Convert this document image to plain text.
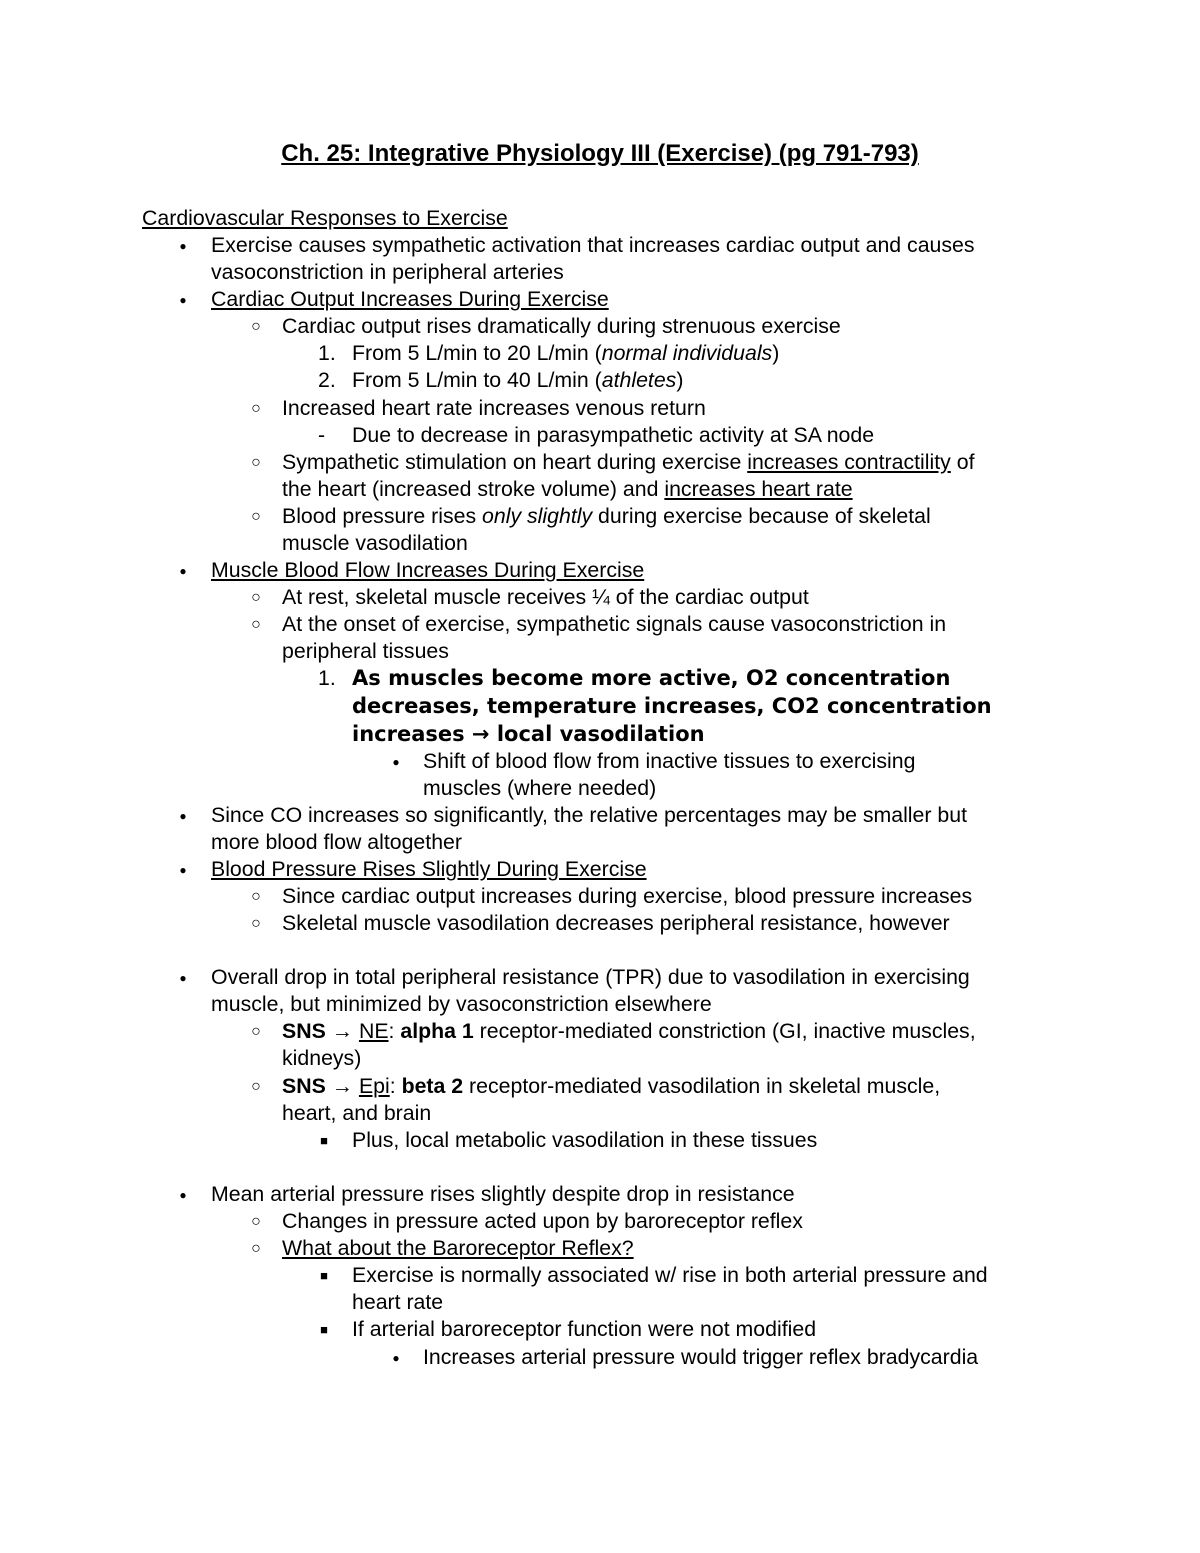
Ch. 25: Integrative Physiology III (Exercise) (pg 791-793)
Cardiovascular Responses to Exercise
●
Exercise causes sympathetic activation that increases cardiac output and causes
vasoconstriction in peripheral arteries
●
Cardiac Output Increases During Exercise
○
Cardiac output rises dramatically during strenuous exercise
1. From 5 L/min to 20 L/min (normal individuals)
2. From 5 L/min to 40 L/min (athletes)
○
Increased heart rate increases venous return
- Due to decrease in parasympathetic activity at SA node
○
Sympathetic stimulation on heart during exercise increases contractility of
the heart (increased stroke volume) and increases heart rate
○
Blood pressure rises only slightly during exercise because of skeletal
muscle vasodilation
●
Muscle Blood Flow Increases During Exercise
○
At rest, skeletal muscle receives ¼ of the cardiac output
○
At the onset of exercise, sympathetic signals cause vasoconstriction in
peripheral tissues
1. As muscles become more active, O2 concentration
decreases, temperature increases, CO2 concentration
increases → local vasodilation
●
Shift of blood flow from inactive tissues to exercising
muscles (where needed)
●
Since CO increases so significantly, the relative percentages may be smaller but
more blood flow altogether
●
Blood Pressure Rises Slightly During Exercise
○
Since cardiac output increases during exercise, blood pressure increases
○
Skeletal muscle vasodilation decreases peripheral resistance, however
●
Overall drop in total peripheral resistance (TPR) due to vasodilation in exercising
muscle, but minimized by vasoconstriction elsewhere
○
SNS → NE: alpha 1 receptor-mediated constriction (GI, inactive muscles,
kidneys)
○
SNS → Epi: beta 2 receptor-mediated vasodilation in skeletal muscle,
heart, and brain
■
Plus, local metabolic vasodilation in these tissues
●
Mean arterial pressure rises slightly despite drop in resistance
○
Changes in pressure acted upon by baroreceptor reflex
○
What about the Baroreceptor Reflex?
■
Exercise is normally associated w/ rise in both arterial pressure and
heart rate
■
If arterial baroreceptor function were not modified
●
Increases arterial pressure would trigger reflex bradycardia
